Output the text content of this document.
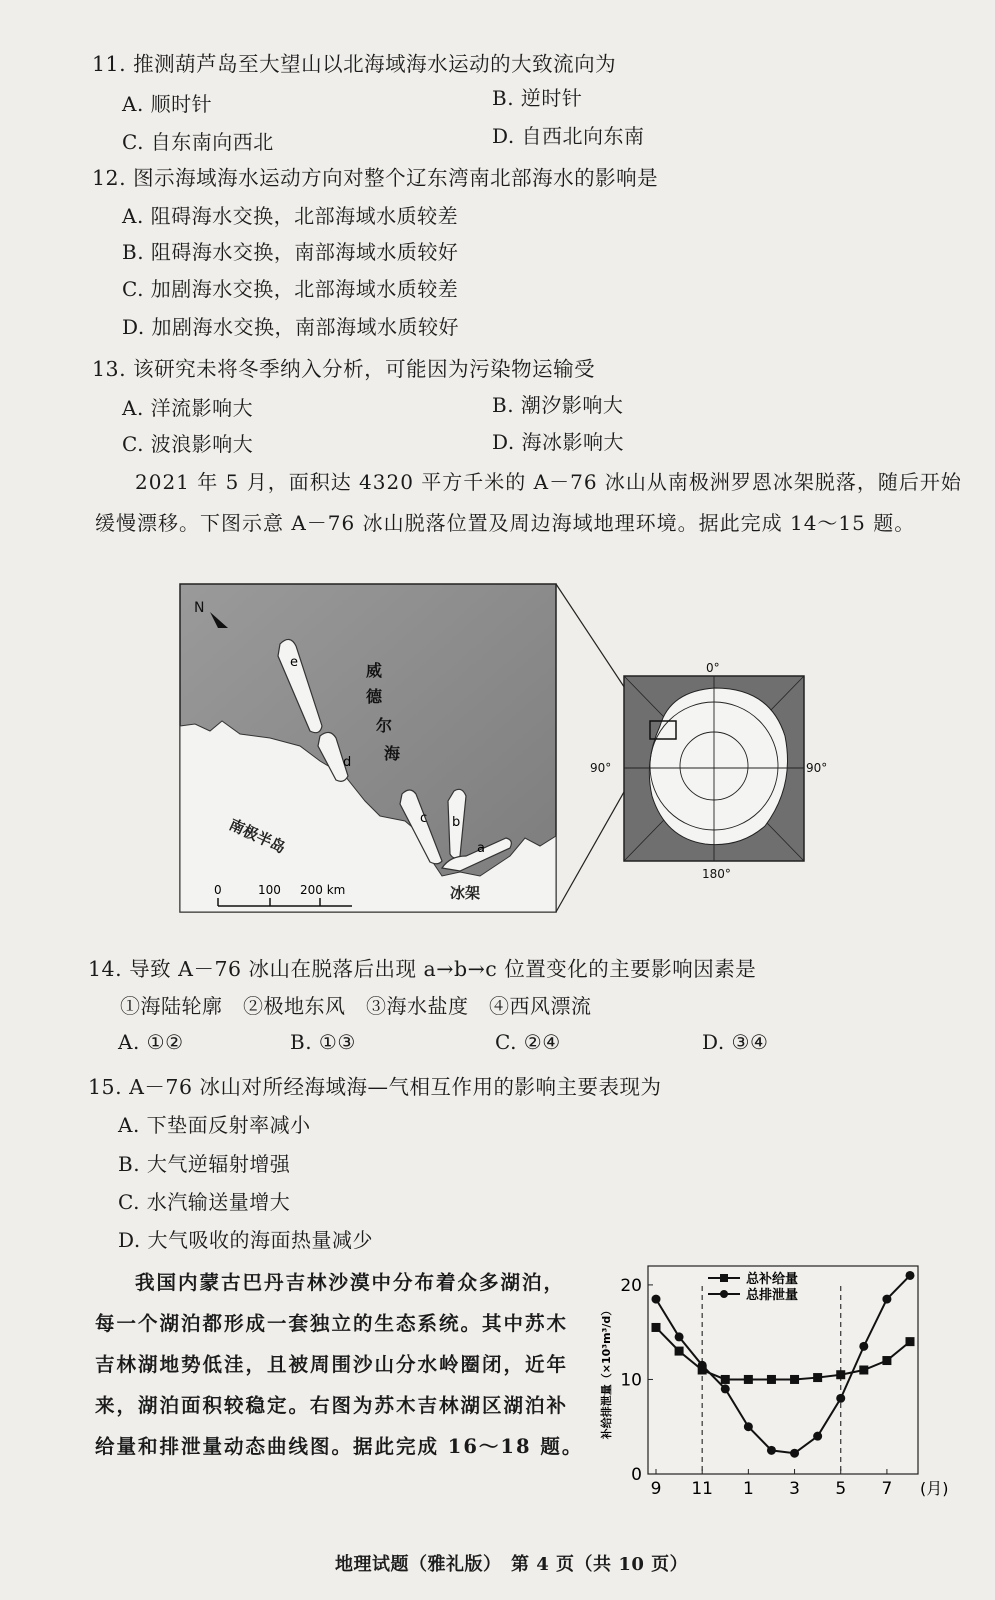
11. 推测葫芦岛至大望山以北海域海水运动的大致流向为
A. 顺时针	B. 逆时针
C. 自东南向西北	D. 自西北向东南
12. 图示海域海水运动方向对整个辽东湾南北部海水的影响是
A. 阻碍海水交换，北部海域水质较差
B. 阻碍海水交换，南部海域水质较好
C. 加剧海水交换，北部海域水质较差
D. 加剧海水交换，南部海域水质较好
13. 该研究未将冬季纳入分析，可能因为污染物运输受
A. 洋流影响大	B. 潮汐影响大
C. 波浪影响大	D. 海冰影响大
2021 年 5 月，面积达 4320 平方千米的 A－76 冰山从南极洲罗恩冰架脱落，随后开始缓慢漂移。下图示意 A－76 冰山脱落位置及周边海域地理环境。据此完成 14～15 题。
N
e
d
c b
a
威
德
尔
海
南极半岛
冰架
0	100 200 km
0°
90°	90°
180°
14. 导致 A－76 冰山在脱落后出现 a→b→c 位置变化的主要影响因素是
①海陆轮廓　②极地东风　③海水盐度　④西风漂流
A. ①②	B. ①③	C. ②④	D. ③④
15. A－76 冰山对所经海域海—气相互作用的影响主要表现为
A. 下垫面反射率减小
B. 大气逆辐射增强
C. 水汽输送量增大
D. 大气吸收的海面热量减少
我国内蒙古巴丹吉林沙漠中分布着众多湖泊，每一个湖泊都形成一套独立的生态系统。其中苏木吉林湖地势低洼，且被周围沙山分水岭圈闭，近年来，湖泊面积较稳定。右图为苏木吉林湖区湖泊补给量和排泄量动态曲线图。据此完成 16～18 题。
补给排泄量（×10³m³/d）
0
10
20
9 11 1 3 5 7 (月)
总补给量
总排泄量
地理试题（雅礼版）　第 4 页（共 10 页）
